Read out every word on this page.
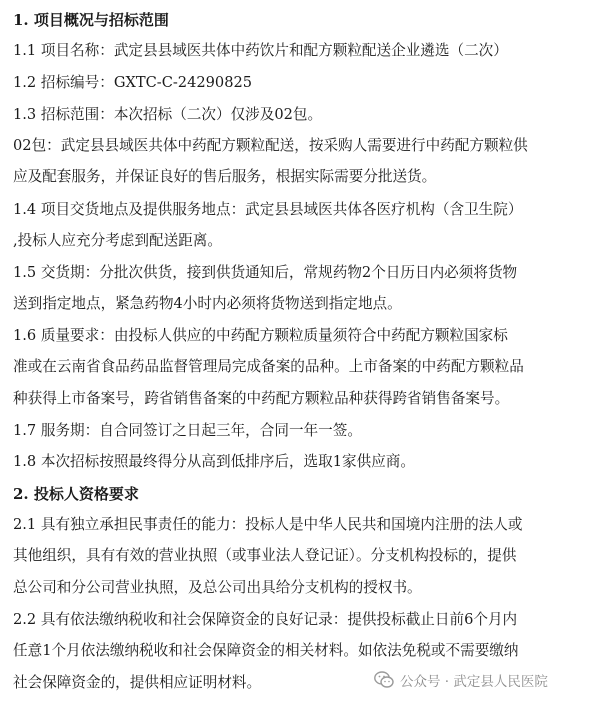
1. 项目概况与招标范围
1.1 项目名称：武定县县域医共体中药饮片和配方颗粒配送企业遴选（二次）
1.2 招标编号：GXTC-C-24290825
1.3 招标范围：本次招标（二次）仅涉及02包。
02包：武定县县域医共体中药配方颗粒配送，按采购人需要进行中药配方颗粒供
应及配套服务，并保证良好的售后服务，根据实际需要分批送货。
1.4 项目交货地点及提供服务地点：武定县县域医共体各医疗机构（含卫生院）
,投标人应充分考虑到配送距离。
1.5 交货期：分批次供货，接到供货通知后，常规药物2个日历日内必须将货物
送到指定地点，紧急药物4小时内必须将货物送到指定地点。
1.6 质量要求：由投标人供应的中药配方颗粒质量须符合中药配方颗粒国家标
准或在云南省食品药品监督管理局完成备案的品种。上市备案的中药配方颗粒品
种获得上市备案号，跨省销售备案的中药配方颗粒品种获得跨省销售备案号。
1.7 服务期：自合同签订之日起三年，合同一年一签。
1.8 本次招标按照最终得分从高到低排序后，选取1家供应商。
2. 投标人资格要求
2.1 具有独立承担民事责任的能力：投标人是中华人民共和国境内注册的法人或
其他组织，具有有效的营业执照（或事业法人登记证）。分支机构投标的，提供
总公司和分公司营业执照，及总公司出具给分支机构的授权书。
2.2 具有依法缴纳税收和社会保障资金的良好记录：提供投标截止日前6个月内
任意1个月依法缴纳税收和社会保障资金的相关材料。如依法免税或不需要缴纳
社会保障资金的，提供相应证明材料。	公众号 · 武定县人民医院
